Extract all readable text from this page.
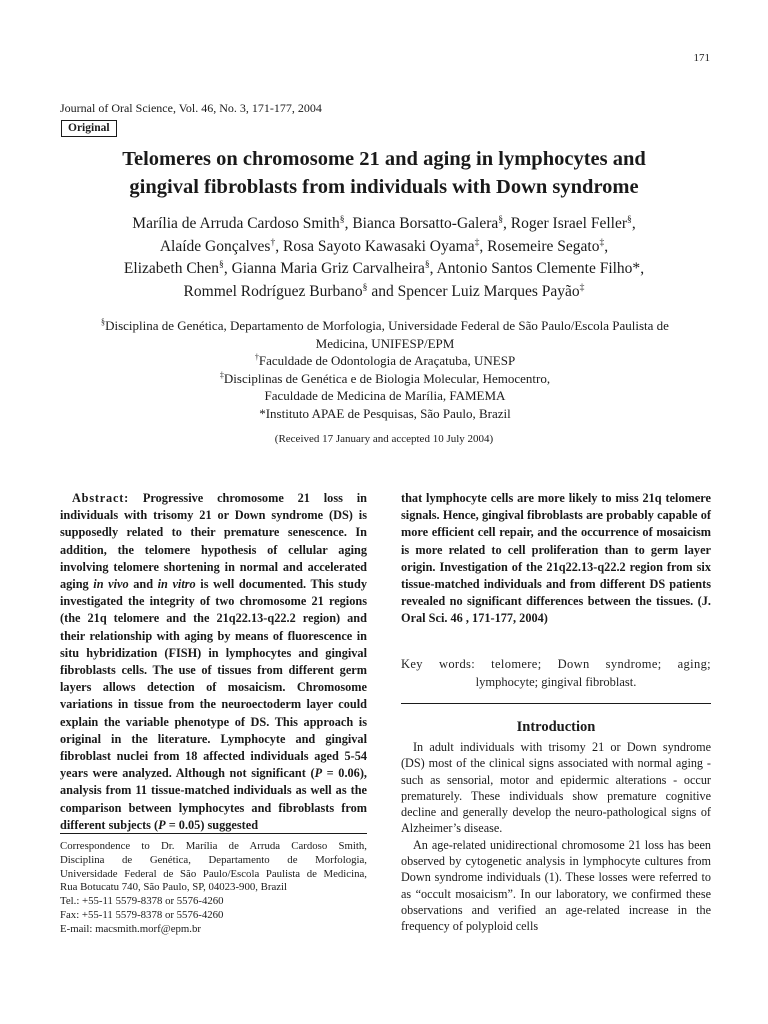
171
Journal of Oral Science, Vol. 46, No. 3, 171-177, 2004
Original
Telomeres on chromosome 21 and aging in lymphocytes and
gingival fibroblasts from individuals with Down syndrome
Marília de Arruda Cardoso Smith§, Bianca Borsatto-Galera§, Roger Israel Feller§,
Alaíde Gonçalves†, Rosa Sayoto Kawasaki Oyama‡, Rosemeire Segato‡,
Elizabeth Chen§, Gianna Maria Griz Carvalheira§, Antonio Santos Clemente Filho*,
Rommel Rodríguez Burbano§ and Spencer Luiz Marques Payão‡
§Disciplina de Genética, Departamento de Morfologia, Universidade Federal de São Paulo/Escola Paulista de
Medicina, UNIFESP/EPM
†Faculdade de Odontologia de Araçatuba, UNESP
‡Disciplinas de Genética e de Biologia Molecular, Hemocentro,
Faculdade de Medicina de Marília, FAMEMA
*Instituto APAE de Pesquisas, São Paulo, Brazil
(Received 17 January and accepted 10 July 2004)
Abstract: Progressive chromosome 21 loss in individuals with trisomy 21 or Down syndrome (DS) is supposedly related to their premature senescence. In addition, the telomere hypothesis of cellular aging involving telomere shortening in normal and accelerated aging in vivo and in vitro is well documented. This study investigated the integrity of two chromosome 21 regions (the 21q telomere and the 21q22.13-q22.2 region) and their relationship with aging by means of fluorescence in situ hybridization (FISH) in lymphocytes and gingival fibroblasts cells. The use of tissues from different germ layers allows detection of mosaicism. Chromosome variations in tissue from the neuroectoderm layer could explain the variable phenotype of DS. This approach is original in the literature. Lymphocyte and gingival fibroblast nuclei from 18 affected individuals aged 5-54 years were analyzed. Although not significant (P = 0.06), analysis from 11 tissue-matched individuals as well as the comparison between lymphocytes and fibroblasts from different subjects (P = 0.05) suggested
that lymphocyte cells are more likely to miss 21q telomere signals. Hence, gingival fibroblasts are probably capable of more efficient cell repair, and the occurrence of mosaicism is more related to cell proliferation than to germ layer origin. Investigation of the 21q22.13-q22.2 region from six tissue-matched individuals and from different DS patients revealed no significant differences between the tissues. (J. Oral Sci. 46 , 171-177, 2004)
Key words: telomere; Down syndrome; aging;
lymphocyte; gingival fibroblast.
Introduction

In adult individuals with trisomy 21 or Down syndrome (DS) most of the clinical signs associated with normal aging - such as sensorial, motor and epidermic alterations - occur prematurely. These individuals show premature cognitive decline and generally develop the neuro-pathological signs of Alzheimer’s disease.

An age-related unidirectional chromosome 21 loss has been observed by cytogenetic analysis in lymphocyte cultures from Down syndrome individuals (1). These losses were referred to as “occult mosaicism”. In our laboratory, we confirmed these observations and verified an age-related increase in the frequency of polyploid cells

Correspondence to Dr. Marília de Arruda Cardoso Smith,
Disciplina de Genética, Departamento de Morfologia,
Universidade Federal de São Paulo/Escola Paulista de Medicina,
Rua Botucatu 740, São Paulo, SP, 04023-900, Brazil
Tel.: +55-11 5579-8378 or 5576-4260
Fax: +55-11 5579-8378 or 5576-4260
E-mail: macsmith.morf@epm.br
